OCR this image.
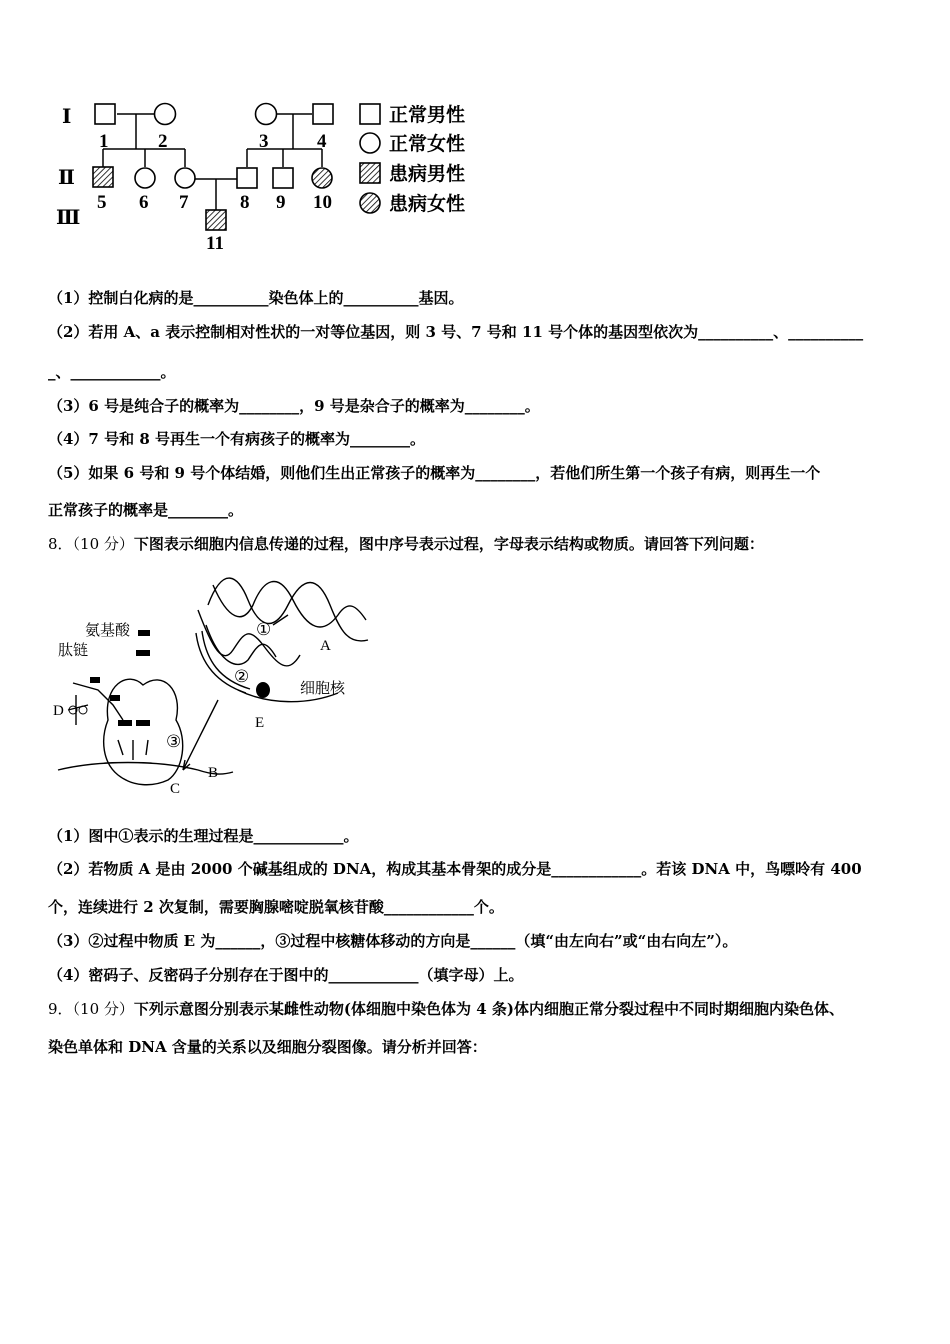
Ⅰ
Ⅱ
Ⅲ
1	2	3	4
5 6 7	8 9 10
11
正常男性
正常女性
患病男性
患病女性
（1）控制白化病的是__________染色体上的__________基因。
（2）若用 A、a 表示控制相对性状的一对等位基因，则 3 号、7 号和 11 号个体的基因型依次为__________、__________
_、____________。
（3）6 号是纯合子的概率为________，9 号是杂合子的概率为________。
（4）7 号和 8 号再生一个有病孩子的概率为________。
（5）如果 6 号和 9 号个体结婚，则他们生出正常孩子的概率为________，若他们所生第一个孩子有病，则再生一个
正常孩子的概率是________。
8．（10 分）下图表示细胞内信息传递的过程，图中序号表示过程，字母表示结构或物质。请回答下列问题：
氨基酸
肽链
细胞核
①
②
③
A
B
C
D
E
（1）图中①表示的生理过程是____________。
（2）若物质 A 是由 2000 个碱基组成的 DNA，构成其基本骨架的成分是____________。若该 DNA 中，鸟嘌呤有 400
个，连续进行 2 次复制，需要胸腺嘧啶脱氧核苷酸____________个。
（3）②过程中物质 E 为______，③过程中核糖体移动的方向是______（填“由左向右”或“由右向左”）。
（4）密码子、反密码子分别存在于图中的____________（填字母）上。
9．（10 分）下列示意图分别表示某雌性动物(体细胞中染色体为 4 条)体内细胞正常分裂过程中不同时期细胞内染色体、
染色单体和 DNA 含量的关系以及细胞分裂图像。请分析并回答：
